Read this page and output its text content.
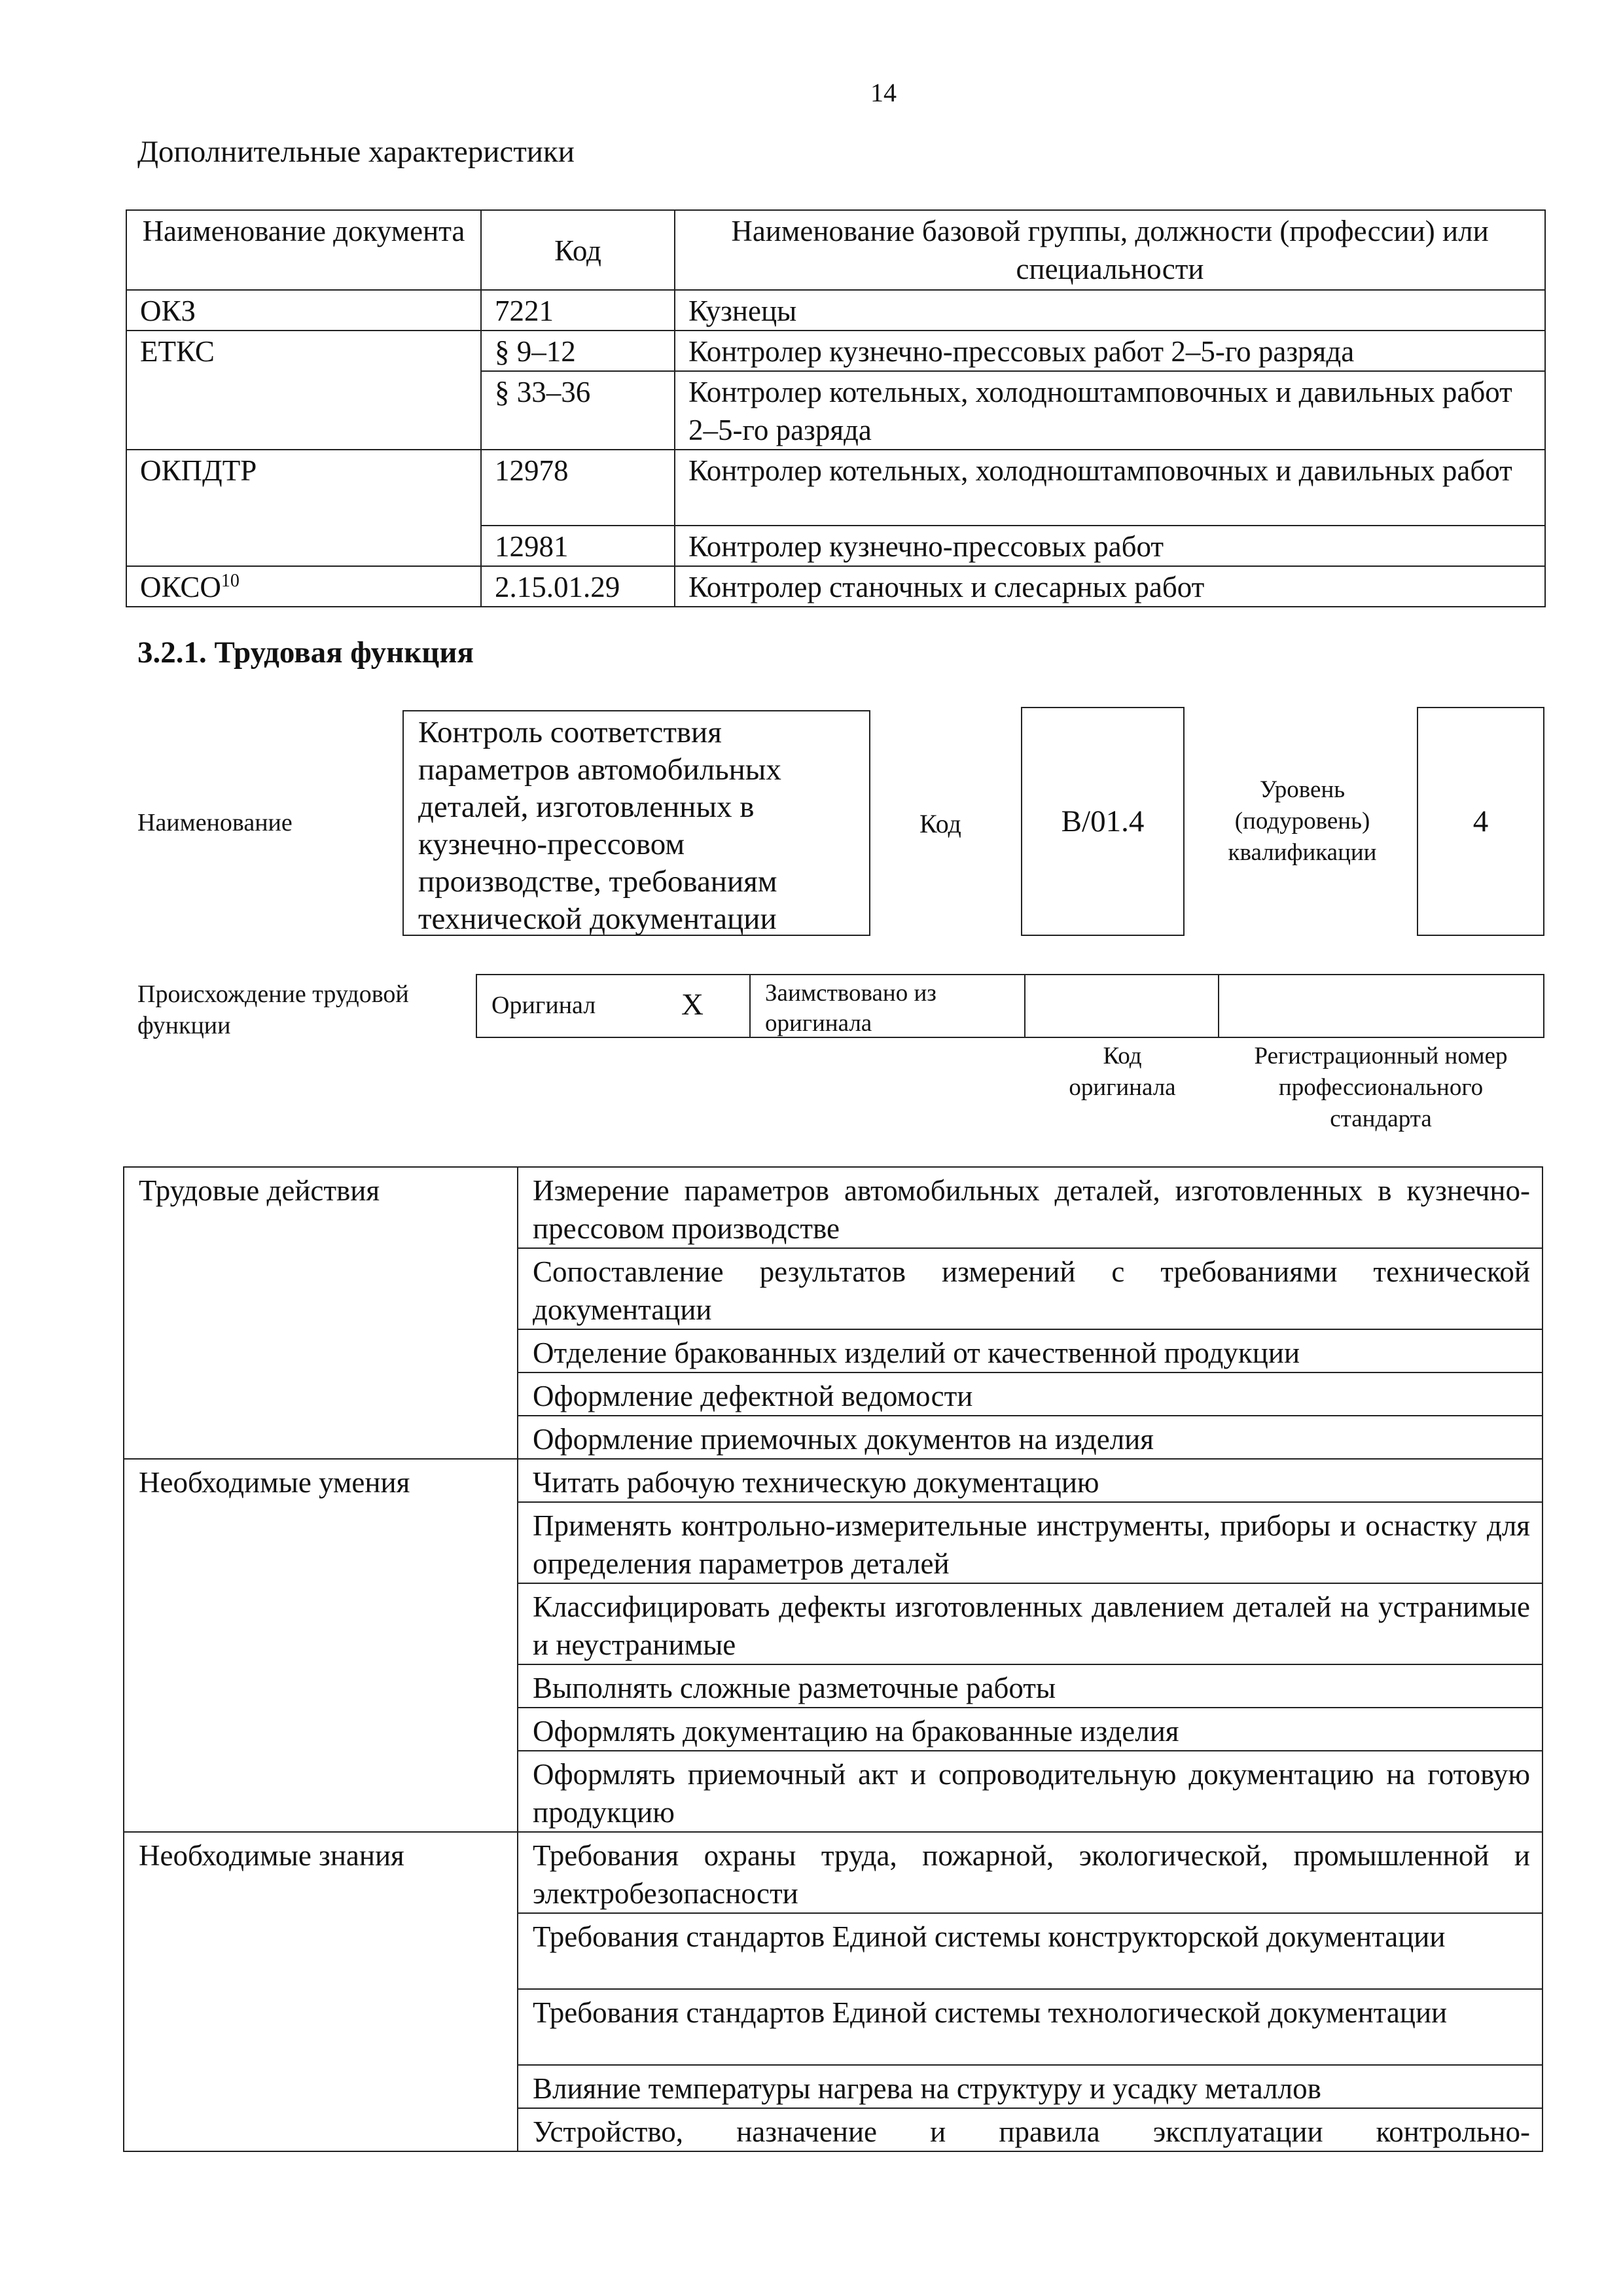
14
Дополнительные характеристики
Наименование документа	Код	Наименование базовой группы, должности (профессии) или специальности
ОКЗ	7221	Кузнецы
ЕТКС	§ 9–12	Контролер кузнечно-прессовых работ 2–5-го разряда
	§ 33–36	Контролер котельных, холодноштамповочных и давильных работ 2–5-го разряда
ОКПДТР	12978	Контролер котельных, холодноштамповочных и давильных работ
	12981	Контролер кузнечно-прессовых работ
ОКСО$^{10}$	2.15.01.29	Контролер станочных и слесарных работ
3.2.1. Трудовая функция
Наименование
Контроль соответствия параметров автомобильных деталей, изготовленных в кузнечно-прессовом производстве, требованиям технической документации
Код	В/01.4
Уровень (подуровень) квалификации
4
Происхождение трудовой функции
Оригинал	X	Заимствовано из оригинала
Код оригинала
Регистрационный номер профессионального стандарта
Трудовые действия	Измерение параметров автомобильных деталей, изготовленных в кузнечно-прессовом производстве
	Сопоставление результатов измерений с требованиями технической документации
	Отделение бракованных изделий от качественной продукции
	Оформление дефектной ведомости
	Оформление приемочных документов на изделия
Необходимые умения	Читать рабочую техническую документацию
	Применять контрольно-измерительные инструменты, приборы и оснастку для определения параметров деталей
	Классифицировать дефекты изготовленных давлением деталей на устранимые и неустранимые
	Выполнять сложные разметочные работы
	Оформлять документацию на бракованные изделия
	Оформлять приемочный акт и сопроводительную документацию на готовую продукцию
Необходимые знания	Требования охраны труда, пожарной, экологической, промышленной и электробезопасности
	Требования стандартов Единой системы конструкторской документации
	Требования стандартов Единой системы технологической документации
	Влияние температуры нагрева на структуру и усадку металлов
	Устройство, назначение и правила эксплуатации контрольно-
